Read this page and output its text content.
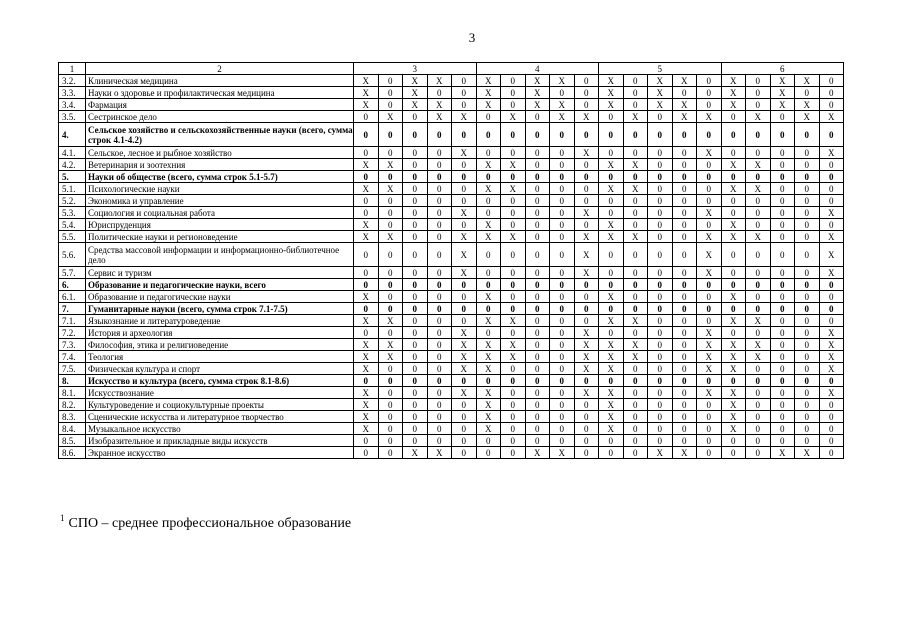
3
1	2	3					4					5					6				
3.2.	Клиническая медицина	X	0	X	X	0	X	0	X	X	0	X	0	X	X	0	X	0	X	X	0
3.3.	Науки о здоровье и профилактическая медицина	X	0	X	0	0	X	0	X	0	0	X	0	X	0	0	X	0	X	0	0
3.4.	Фармация	X	0	X	X	0	X	0	X	X	0	X	0	X	X	0	X	0	X	X	0
3.5.	Сестринское дело	0	X	0	X	X	0	X	0	X	X	0	X	0	X	X	0	X	0	X	X
4.	Сельское хозяйство и сельскохозяйственные науки (всего, сумма строк 4.1-4.2)	0	0	0	0	0	0	0	0	0	0	0	0	0	0	0	0	0	0	0	0
4.1.	Сельское, лесное и рыбное хозяйство	0	0	0	0	X	0	0	0	0	X	0	0	0	0	X	0	0	0	0	X
4.2.	Ветеринария и зоотехния	X	X	0	0	0	X	X	0	0	0	X	X	0	0	0	X	X	0	0	0
5.	Науки об обществе (всего, сумма строк 5.1-5.7)	0	0	0	0	0	0	0	0	0	0	0	0	0	0	0	0	0	0	0	0
5.1.	Психологические науки	X	X	0	0	0	X	X	0	0	0	X	X	0	0	0	X	X	0	0	0
5.2.	Экономика и управление	0	0	0	0	0	0	0	0	0	0	0	0	0	0	0	0	0	0	0	0
5.3.	Социология и социальная работа	0	0	0	0	X	0	0	0	0	X	0	0	0	0	X	0	0	0	0	X
5.4.	Юриспруденция	X	0	0	0	0	X	0	0	0	0	X	0	0	0	0	X	0	0	0	0
5.5.	Политические науки и регионоведение	X	X	0	0	X	X	X	0	0	X	X	X	0	0	X	X	X	0	0	X
5.6.	Средства массовой информации и информационно-библиотечное дело	0	0	0	0	X	0	0	0	0	X	0	0	0	0	X	0	0	0	0	X
5.7.	Сервис и туризм	0	0	0	0	X	0	0	0	0	X	0	0	0	0	X	0	0	0	0	X
6.	Образование и педагогические науки, всего	0	0	0	0	0	0	0	0	0	0	0	0	0	0	0	0	0	0	0	0
6.1.	Образование и педагогические науки	X	0	0	0	0	X	0	0	0	0	X	0	0	0	0	X	0	0	0	0
7.	Гуманитарные науки (всего, сумма строк 7.1-7.5)	0	0	0	0	0	0	0	0	0	0	0	0	0	0	0	0	0	0	0	0
7.1.	Языкознание и литературоведение	X	X	0	0	0	X	X	0	0	0	X	X	0	0	0	X	X	0	0	0
7.2.	История и археология	0	0	0	0	X	0	0	0	0	X	0	0	0	0	X	0	0	0	0	X
7.3.	Философия, этика и религиоведение	X	X	0	0	X	X	X	0	0	X	X	X	0	0	X	X	X	0	0	X
7.4.	Теология	X	X	0	0	X	X	X	0	0	X	X	X	0	0	X	X	X	0	0	X
7.5.	Физическая культура и спорт	X	0	0	0	X	X	0	0	0	X	X	0	0	0	X	X	0	0	0	X
8.	Искусство и культура (всего, сумма строк 8.1-8.6)	0	0	0	0	0	0	0	0	0	0	0	0	0	0	0	0	0	0	0	0
8.1.	Искусствознание	X	0	0	0	X	X	0	0	0	X	X	0	0	0	X	X	0	0	0	X
8.2.	Культуроведение и социокультурные проекты	X	0	0	0	0	X	0	0	0	0	X	0	0	0	0	X	0	0	0	0
8.3.	Сценические искусства и литературное творчество	X	0	0	0	0	X	0	0	0	0	X	0	0	0	0	X	0	0	0	0
8.4.	Музыкальное искусство	X	0	0	0	0	X	0	0	0	0	X	0	0	0	0	X	0	0	0	0
8.5.	Изобразительное и прикладные виды искусств	0	0	0	0	0	0	0	0	0	0	0	0	0	0	0	0	0	0	0	0
8.6.	Экранное искусство	0	0	X	X	0	0	0	X	X	0	0	0	X	X	0	0	0	X	X	0
$^1$ СПО – среднее профессиональное образование
